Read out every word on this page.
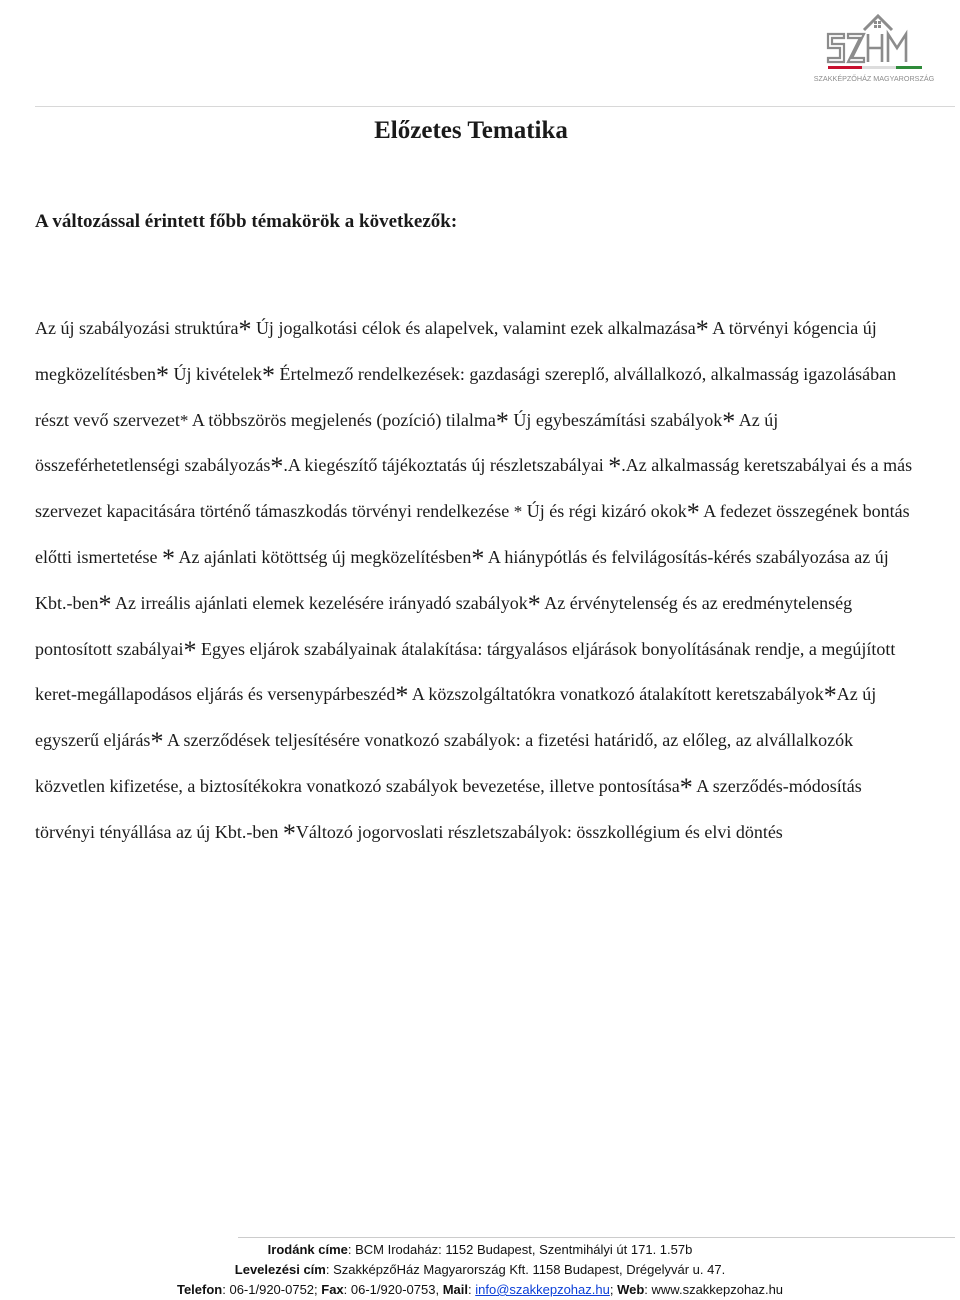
SZAKKÉPZŐHÁZ MAGYARORSZÁG
Előzetes Tematika

A változással érintett főbb témakörök a következők:

Az új szabályozási struktúra* Új jogalkotási célok és alapelvek, valamint ezek alkalmazása* A törvényi kógencia új megközelítésben* Új kivételek* Értelmező rendelkezések: gazdasági szereplő, alvállalkozó, alkalmasság igazolásában részt vevő szervezet* A többszörös megjelenés (pozíció) tilalma* Új egybeszámítási szabályok* Az új összeférhetetlenségi szabályozás*.A kiegészítő tájékoztatás új részletszabályai *.Az alkalmasság keretszabályai és a más szervezet kapacitására történő támaszkodás törvényi rendelkezése * Új és régi kizáró okok* A fedezet összegének bontás előtti ismertetése * Az ajánlati kötöttség új megközelítésben* A hiánypótlás és felvilágosítás-kérés szabályozása az új Kbt.-ben* Az irreális ajánlati elemek kezelésére irányadó szabályok* Az érvénytelenség és az eredménytelenség pontosított szabályai* Egyes eljárok szabályainak átalakítása: tárgyalásos eljárások bonyolításának rendje, a megújított keret-megállapodásos eljárás és versenypárbeszéd* A közszolgáltatókra vonatkozó átalakított keretszabályok*Az új egyszerű eljárás* A szerződések teljesítésére vonatkozó szabályok: a fizetési határidő, az előleg, az alvállalkozók közvetlen kifizetése, a biztosítékokra vonatkozó szabályok bevezetése, illetve pontosítása* A szerződés-módosítás törvényi tényállása az új Kbt.-ben *Változó jogorvoslati részletszabályok: összkollégium és elvi döntés

Irodánk címe: BCM Irodaház: 1152 Budapest, Szentmihályi út 171. 1.57b
Levelezési cím: SzakképzőHáz Magyarország Kft. 1158 Budapest, Drégelyvár u. 47.
Telefon: 06-1/920-0752; Fax: 06-1/920-0753, Mail: info@szakkepzohaz.hu; Web: www.szakkepzohaz.hu
